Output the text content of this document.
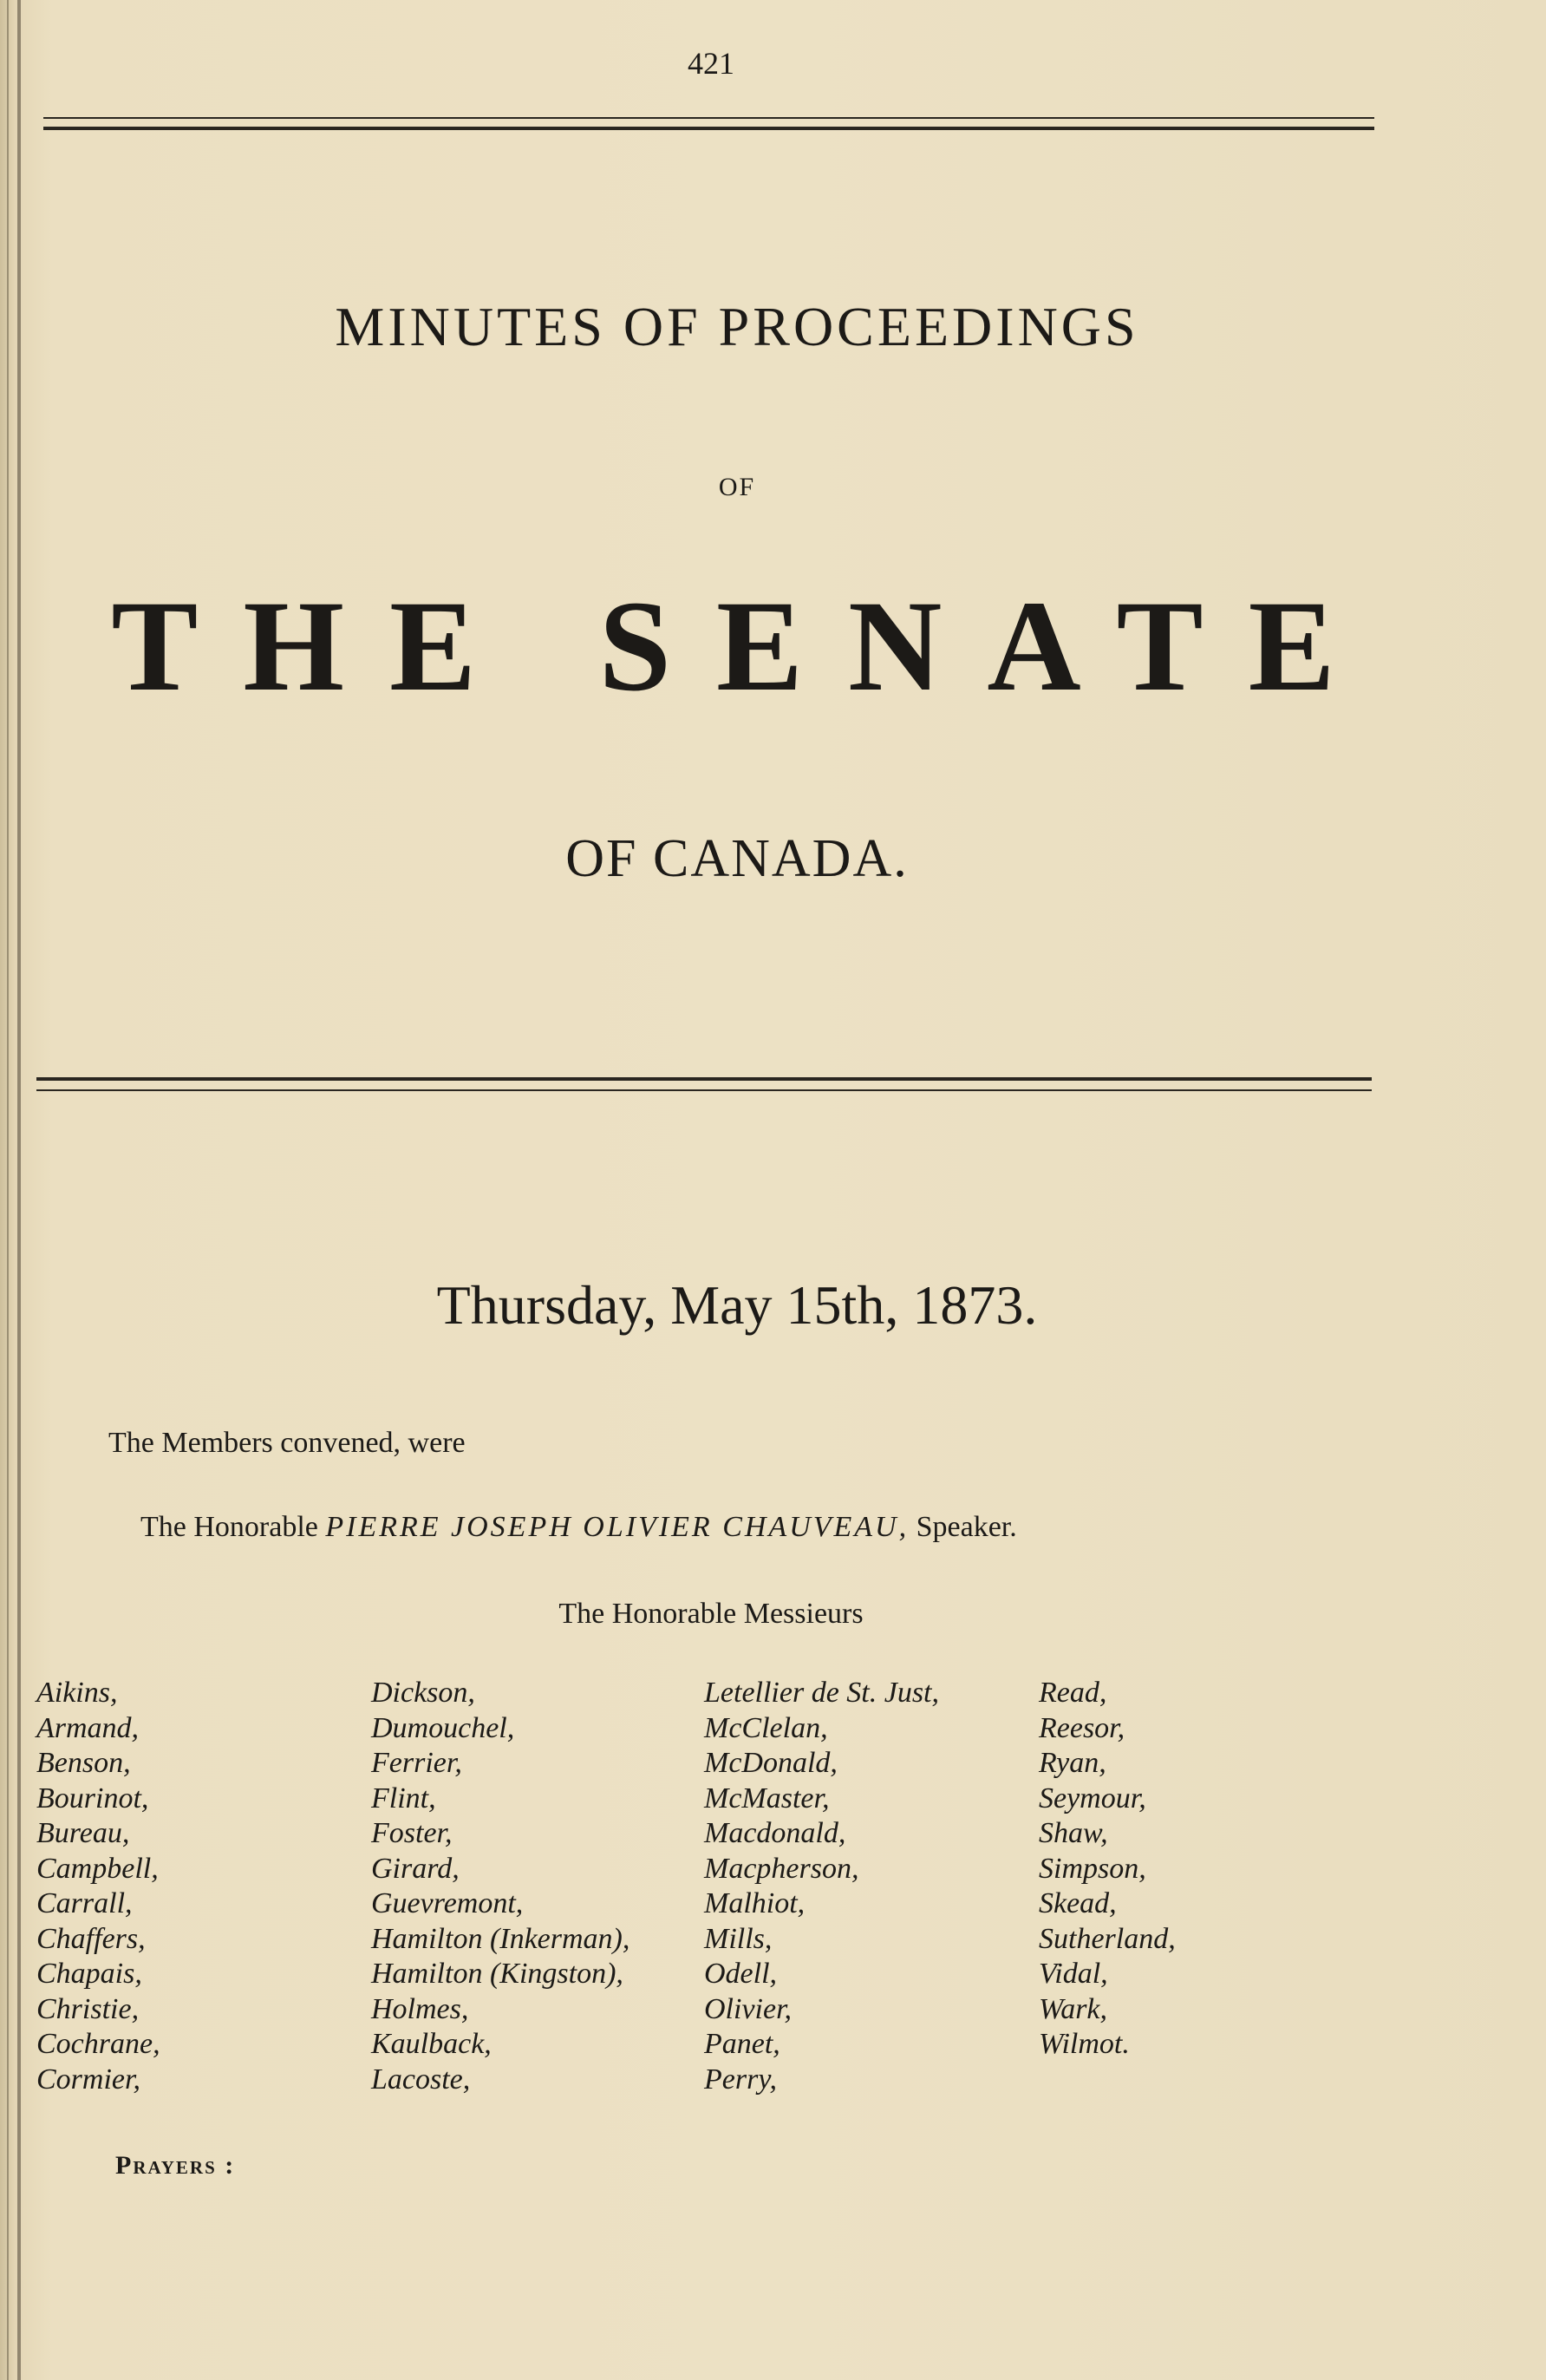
421
MINUTES OF PROCEEDINGS
OF
THE SENATE
OF CANADA.
Thursday, May 15th, 1873.
The Members convened, were
The Honorable PIERRE JOSEPH OLIVIER CHAUVEAU, Speaker.
The Honorable Messieurs
Aikins,
Armand,
Benson,
Bourinot,
Bureau,
Campbell,
Carrall,
Chaffers,
Chapais,
Christie,
Cochrane,
Cormier,
Dickson,
Dumouchel,
Ferrier,
Flint,
Foster,
Girard,
Guevremont,
Hamilton (Inkerman),
Hamilton (Kingston),
Holmes,
Kaulback,
Lacoste,
Letellier de St. Just,
McClelan,
McDonald,
McMaster,
Macdonald,
Macpherson,
Malhiot,
Mills,
Odell,
Olivier,
Panet,
Perry,
Read,
Reesor,
Ryan,
Seymour,
Shaw,
Simpson,
Skead,
Sutherland,
Vidal,
Wark,
Wilmot.
Prayers :
